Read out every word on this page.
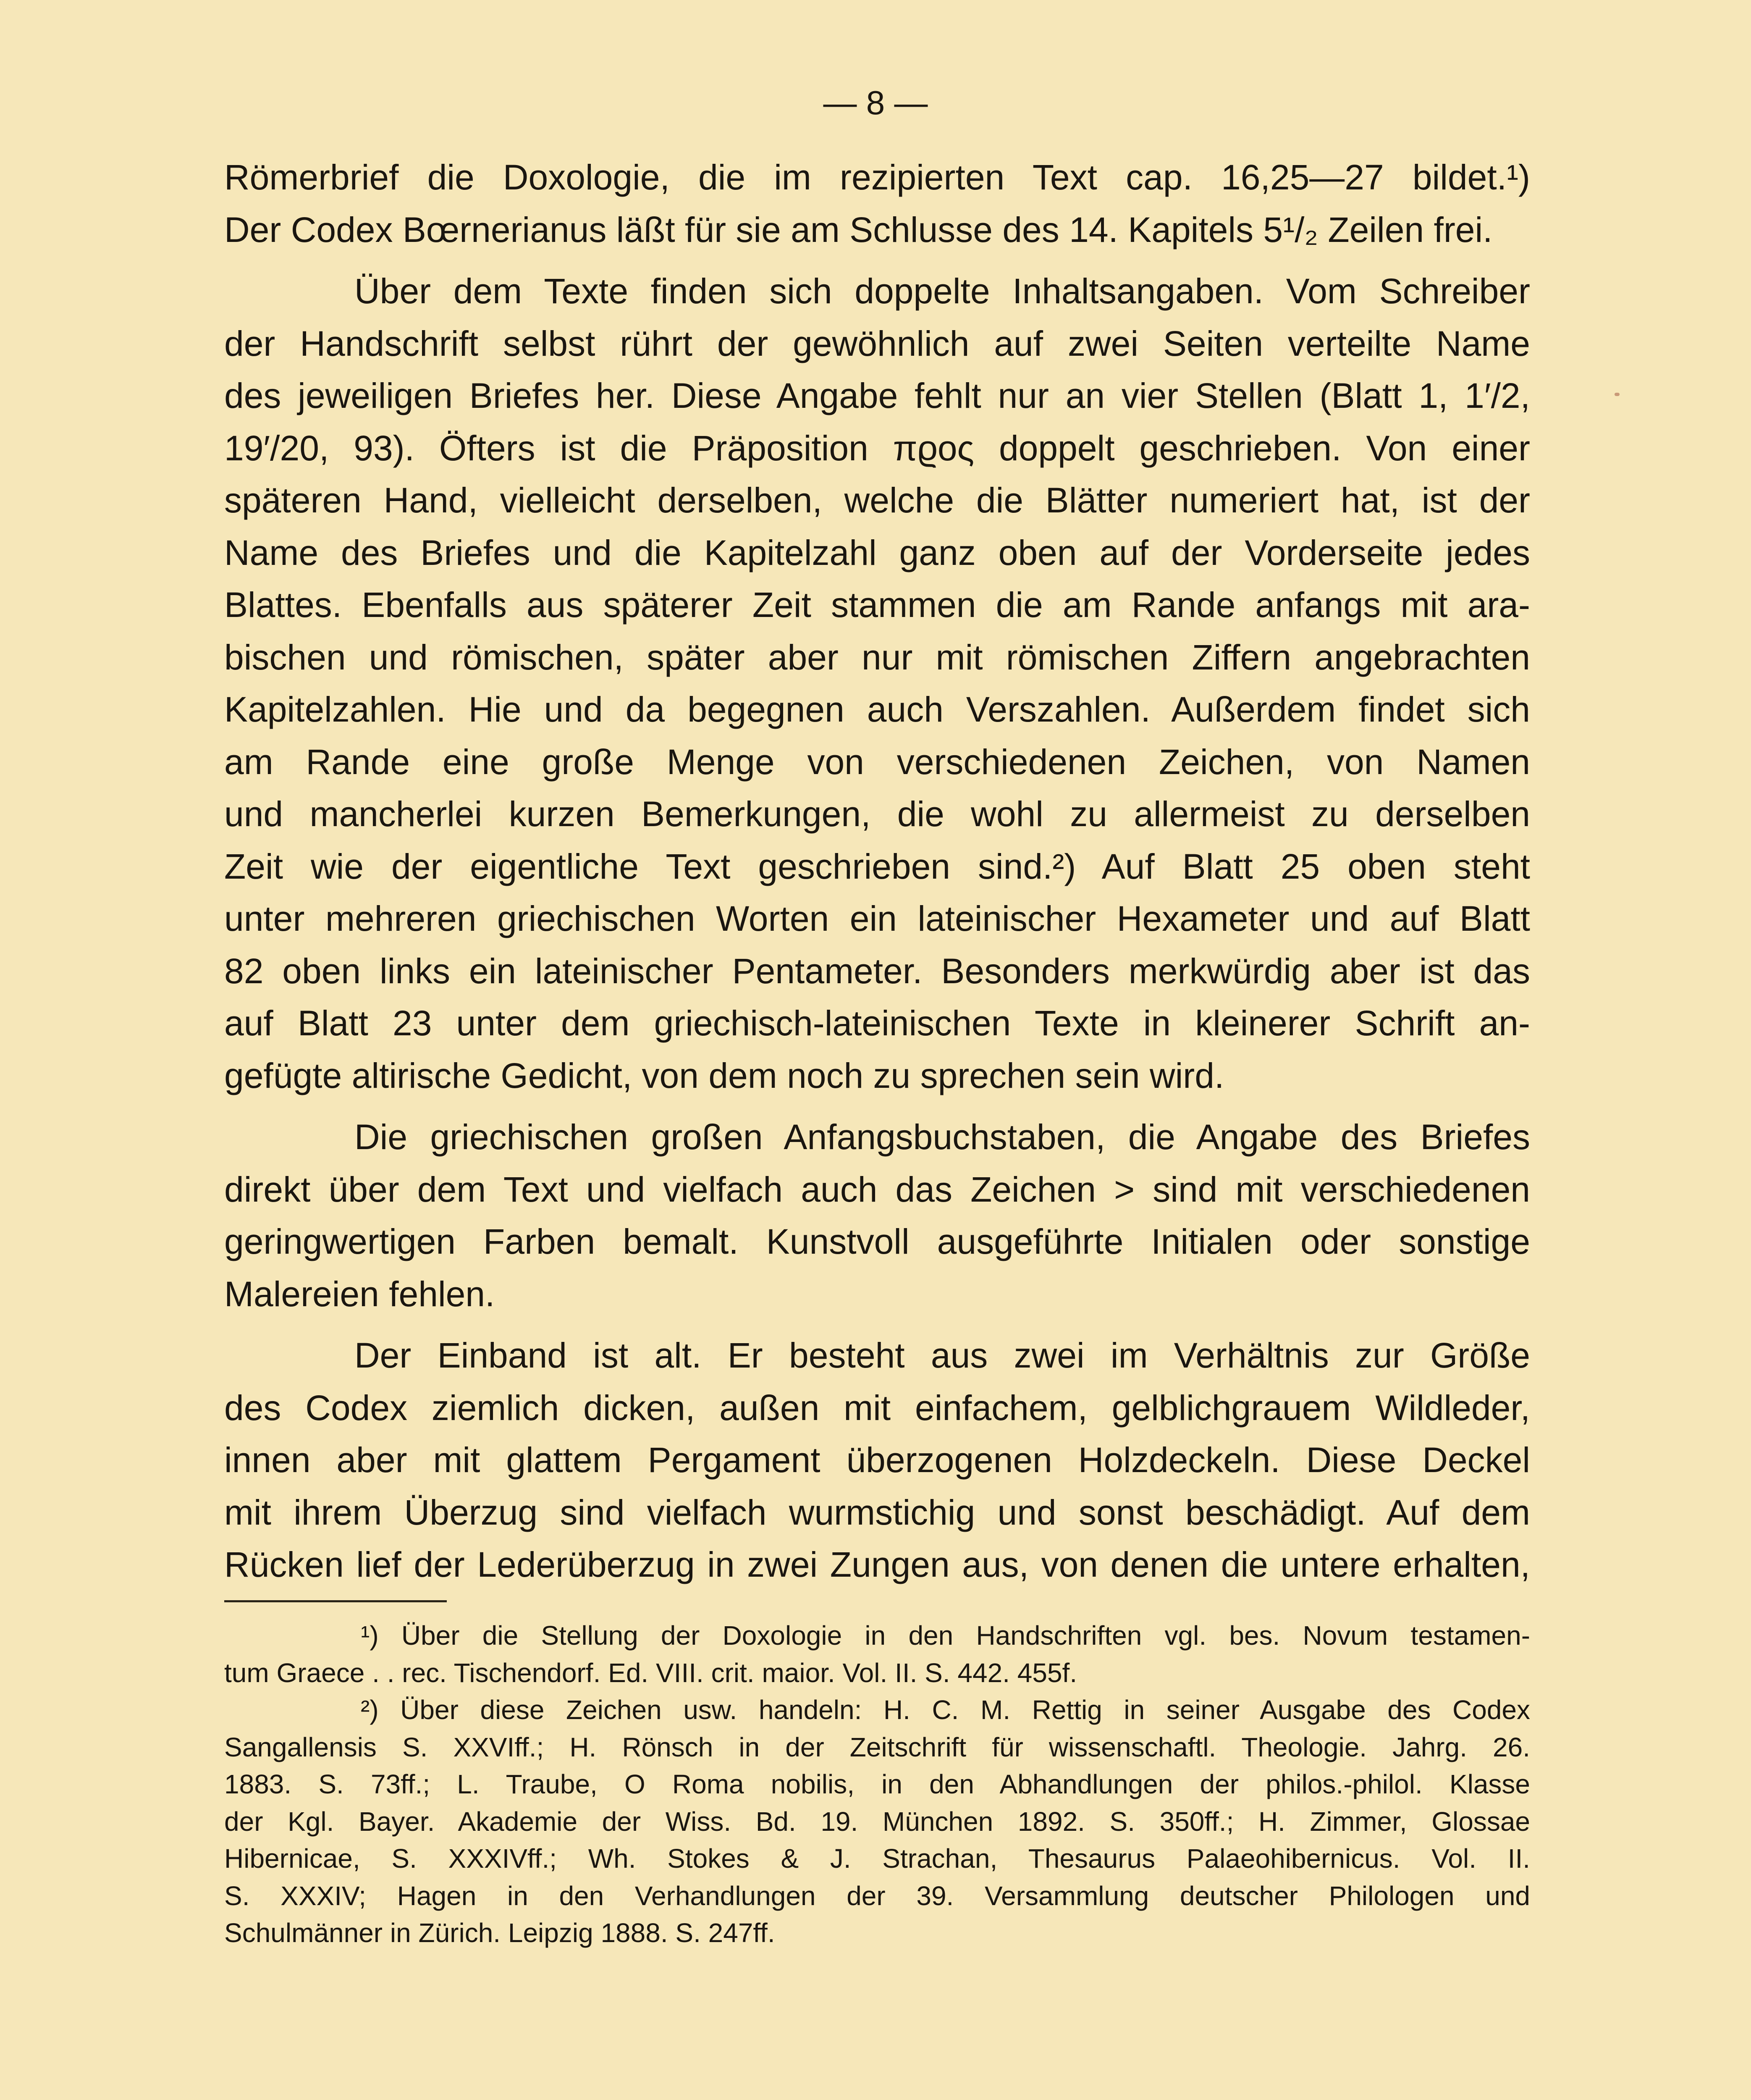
— 8 —
Römerbrief die Doxologie, die im rezipierten Text cap. 16,25—27 bildet.¹)
Der Codex Bœrnerianus läßt für sie am Schlusse des 14. Kapitels 5¹/₂ Zeilen frei.
Über dem Texte finden sich doppelte Inhaltsangaben. Vom Schreiber
der Handschrift selbst rührt der gewöhnlich auf zwei Seiten verteilte Name
des jeweiligen Briefes her. Diese Angabe fehlt nur an vier Stellen (Blatt 1, 1′/2,
19′/20, 93). Öfters ist die Präposition πϱος doppelt geschrieben. Von einer
späteren Hand, vielleicht derselben, welche die Blätter numeriert hat, ist der
Name des Briefes und die Kapitelzahl ganz oben auf der Vorderseite jedes
Blattes. Ebenfalls aus späterer Zeit stammen die am Rande anfangs mit ara-
bischen und römischen, später aber nur mit römischen Ziffern angebrachten
Kapitelzahlen. Hie und da begegnen auch Verszahlen. Außerdem findet sich
am Rande eine große Menge von verschiedenen Zeichen, von Namen
und mancherlei kurzen Bemerkungen, die wohl zu allermeist zu derselben
Zeit wie der eigentliche Text geschrieben sind.²) Auf Blatt 25 oben steht
unter mehreren griechischen Worten ein lateinischer Hexameter und auf Blatt
82 oben links ein lateinischer Pentameter. Besonders merkwürdig aber ist das
auf Blatt 23 unter dem griechisch-lateinischen Texte in kleinerer Schrift an-
gefügte altirische Gedicht, von dem noch zu sprechen sein wird.
Die griechischen großen Anfangsbuchstaben, die Angabe des Briefes
direkt über dem Text und vielfach auch das Zeichen > sind mit verschiedenen
geringwertigen Farben bemalt. Kunstvoll ausgeführte Initialen oder sonstige
Malereien fehlen.
Der Einband ist alt. Er besteht aus zwei im Verhältnis zur Größe
des Codex ziemlich dicken, außen mit einfachem, gelblichgrauem Wildleder,
innen aber mit glattem Pergament überzogenen Holzdeckeln. Diese Deckel
mit ihrem Überzug sind vielfach wurmstichig und sonst beschädigt. Auf dem
Rücken lief der Lederüberzug in zwei Zungen aus, von denen die untere erhalten,
¹) Über die Stellung der Doxologie in den Handschriften vgl. bes. Novum testamen-
tum Graece . . rec. Tischendorf. Ed. VIII. crit. maior. Vol. II. S. 442. 455f.
²) Über diese Zeichen usw. handeln: H. C. M. Rettig in seiner Ausgabe des Codex
Sangallensis S. XXVIff.; H. Rönsch in der Zeitschrift für wissenschaftl. Theologie. Jahrg. 26.
1883. S. 73ff.; L. Traube, O Roma nobilis, in den Abhandlungen der philos.-philol. Klasse
der Kgl. Bayer. Akademie der Wiss. Bd. 19. München 1892. S. 350ff.; H. Zimmer, Glossae
Hibernicae, S. XXXIVff.; Wh. Stokes & J. Strachan, Thesaurus Palaeohibernicus. Vol. II.
S. XXXIV; Hagen in den Verhandlungen der 39. Versammlung deutscher Philologen und
Schulmänner in Zürich. Leipzig 1888. S. 247ff.
